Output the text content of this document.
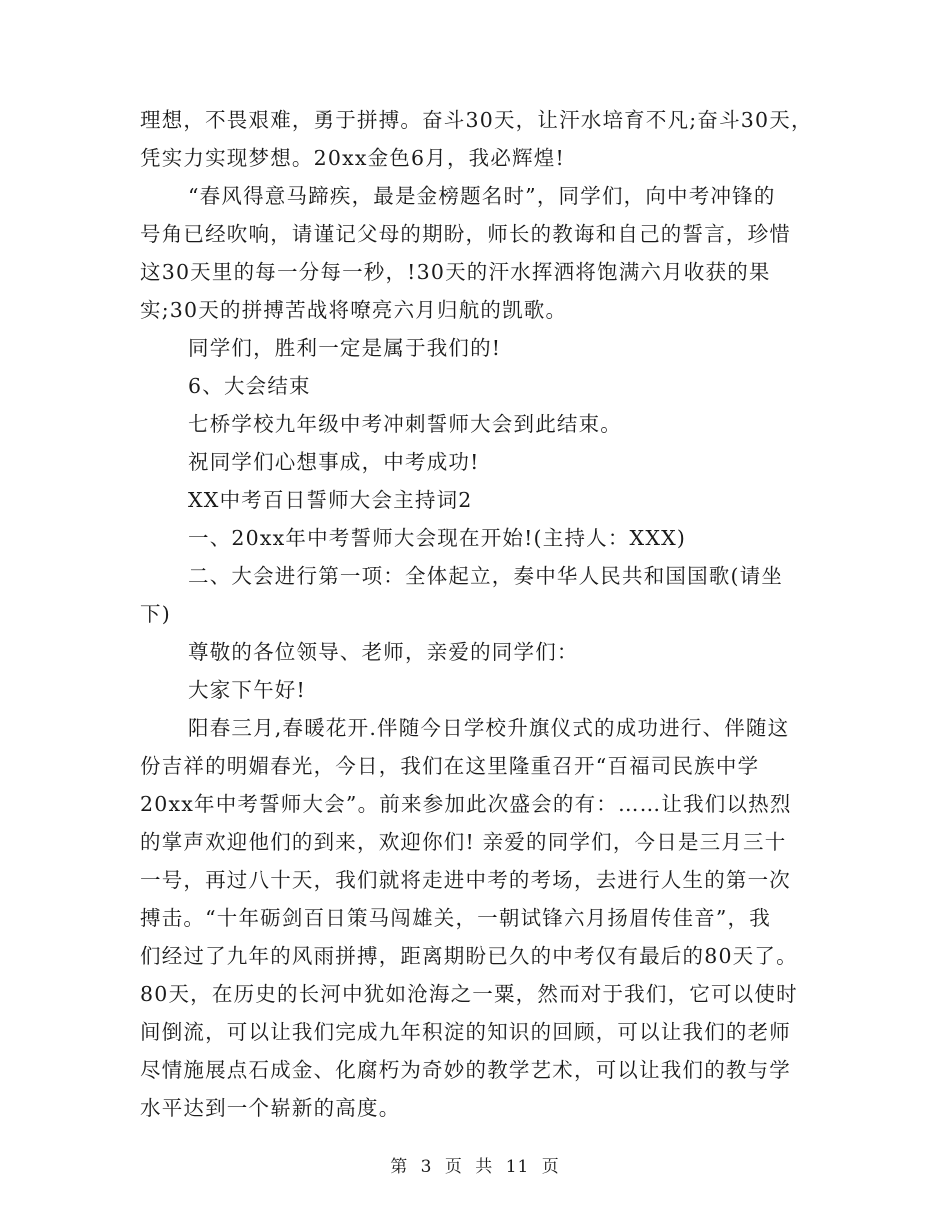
理想，不畏艰难，勇于拼搏。奋斗30天，让汗水培育不凡;奋斗30天，

凭实力实现梦想。20xx金色6月，我必辉煌!

“春风得意马蹄疾，最是金榜题名时”，同学们，向中考冲锋的

号角已经吹响，请谨记父母的期盼，师长的教诲和自己的誓言，珍惜

这30天里的每一分每一秒，!30天的汗水挥洒将饱满六月收获的果

实;30天的拼搏苦战将嘹亮六月归航的凯歌。

同学们，胜利一定是属于我们的!

6、大会结束

七桥学校九年级中考冲刺誓师大会到此结束。

祝同学们心想事成，中考成功!

XX中考百日誓师大会主持词2

一、20xx年中考誓师大会现在开始!(主持人：XXX)

二、大会进行第一项：全体起立，奏中华人民共和国国歌(请坐

下)

尊敬的各位领导、老师，亲爱的同学们：

大家下午好!

阳春三月,春暖花开.伴随今日学校升旗仪式的成功进行、伴随这

份吉祥的明媚春光，今日，我们在这里隆重召开“百福司民族中学

20xx年中考誓师大会”。前来参加此次盛会的有：……让我们以热烈

的掌声欢迎他们的到来，欢迎你们! 亲爱的同学们，今日是三月三十

一号，再过八十天，我们就将走进中考的考场，去进行人生的第一次

搏击。“十年砺剑百日策马闯雄关，一朝试锋六月扬眉传佳音”，我

们经过了九年的风雨拼搏，距离期盼已久的中考仅有最后的80天了。

80天，在历史的长河中犹如沧海之一粟，然而对于我们，它可以使时

间倒流，可以让我们完成九年积淀的知识的回顾，可以让我们的老师

尽情施展点石成金、化腐朽为奇妙的教学艺术，可以让我们的教与学

水平达到一个崭新的高度。

第 3 页 共 11 页
